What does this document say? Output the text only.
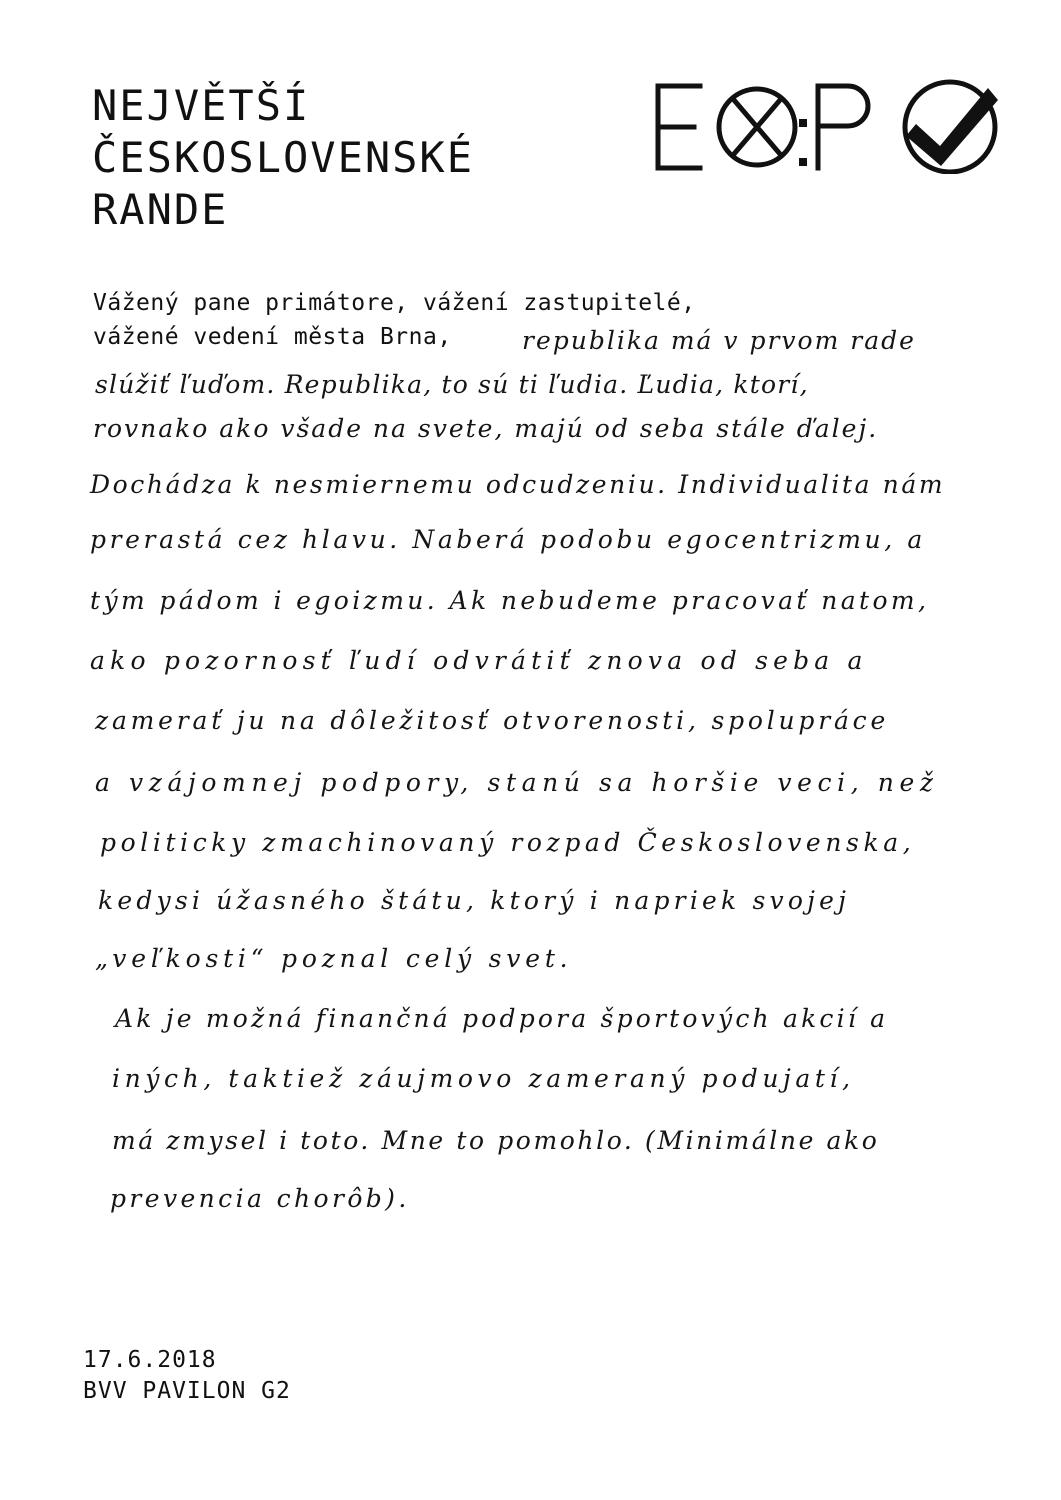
NEJVĚTŠÍ
ČESKOSLOVENSKÉ
RANDE
Vážený pane primátore, vážení zastupitelé,
vážené vedení města Brna,	republika má v prvom rade
slúžiť ľuďom. Republika, to sú ti ľudia. Ľudia, ktorí,
rovnako ako všade na svete, majú od seba stále ďalej.
Dochádza k nesmiernemu odcudzeniu. Individualita nám
prerastá cez hlavu. Naberá podobu egocentrizmu, a
tým pádom i egoizmu. Ak nebudeme pracovať natom,
ako pozornosť ľudí odvrátiť znova od seba a
zamerať ju na dôležitosť otvorenosti, spolupráce
a vzájomnej podpory, stanú sa horšie veci, než
politicky zmachinovaný rozpad Československa,
kedysi úžasného štátu, ktorý i napriek svojej
„veľkosti“ poznal celý svet.
Ak je možná finančná podpora športových akcií a
iných, taktiež záujmovo zameraný podujatí,
má zmysel i toto. Mne to pomohlo. (Minimálne ako
prevencia chorôb).
17.6.2018
BVV PAVILON G2
